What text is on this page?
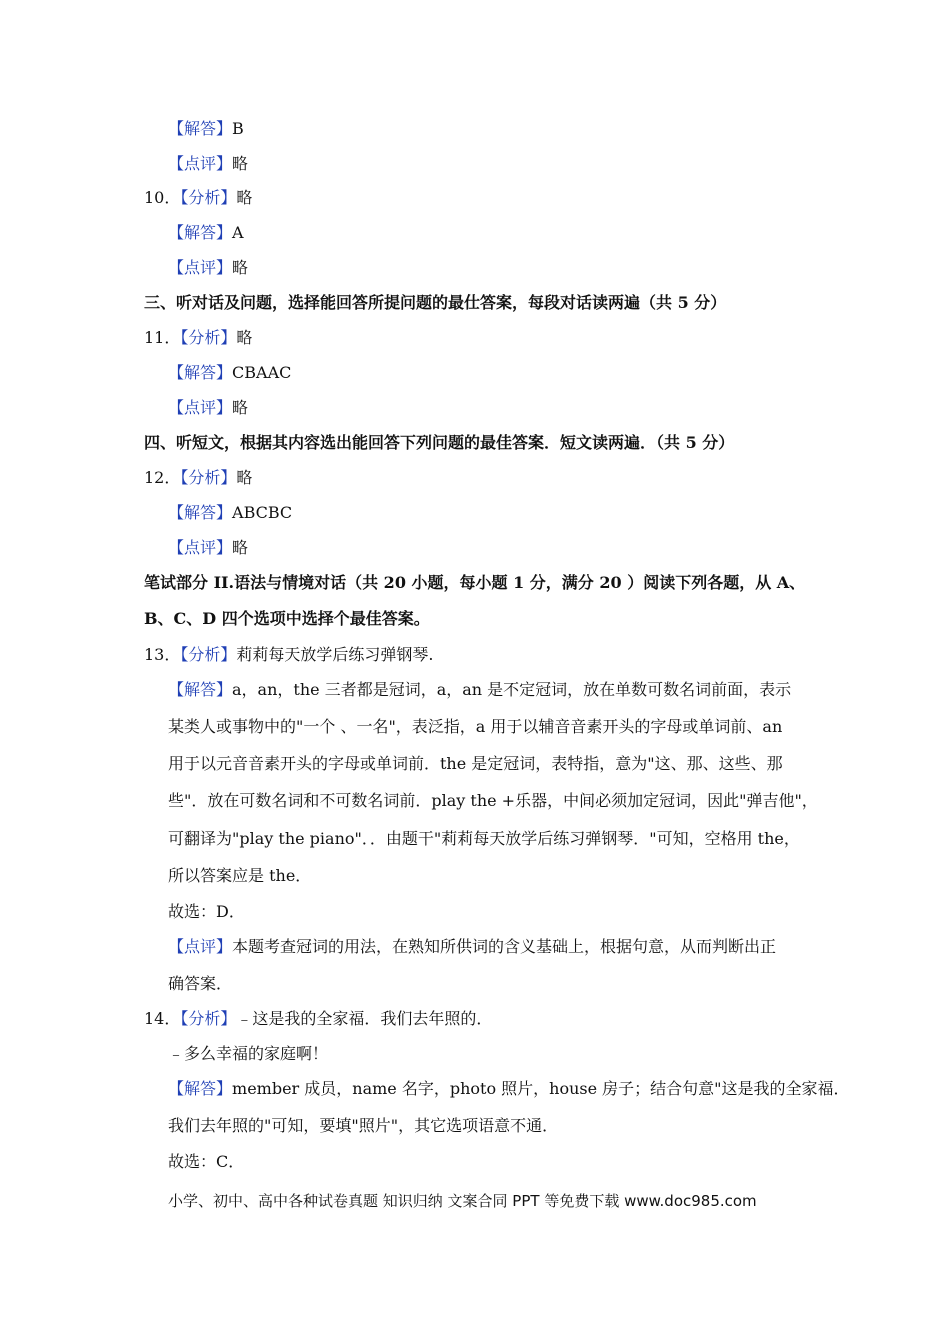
【解答】B
【点评】略
10．【分析】略
【解答】A
【点评】略
三、听对话及问题，选择能回答所提问题的最仕答案，每段对话读两遍（共 5 分）
11．【分析】略
【解答】CBAAC
【点评】略
四、听短文，根据其内容选出能回答下列问题的最佳答案．短文读两遍．（共 5 分）
12．【分析】略
【解答】ABCBC
【点评】略
笔试部分 II.语法与情境对话（共 20 小题，每小题 1 分，满分 20 ）阅读下列各题，从 A、
B、C、D 四个选项中选择个最佳答案。
13．【分析】莉莉每天放学后练习弹钢琴.
【解答】a，an，the 三者都是冠词，a，an 是不定冠词，放在单数可数名词前面，表示
某类人或事物中的"一个 、一名"，表泛指，a 用于以辅音音素开头的字母或单词前、an
用于以元音音素开头的字母或单词前．the 是定冠词，表特指，意为"这、那、这些、那
些"．放在可数名词和不可数名词前．play the +乐器，中间必须加定冠词，因此"弹吉他"，
可翻译为"play the piano"．．由题干"莉莉每天放学后练习弹钢琴．"可知，空格用 the，
所以答案应是 the．
故选：D．
【点评】本题考查冠词的用法，在熟知所供词的含义基础上，根据句意，从而判断出正
确答案．
14．【分析】﹣这是我的全家福．我们去年照的．
﹣多么幸福的家庭啊！
【解答】member 成员，name 名字，photo 照片，house 房子；结合句意"这是我的全家福．
我们去年照的"可知，要填"照片"，其它选项语意不通．
故选：C．
小学、初中、高中各种试卷真题 知识归纳 文案合同 PPT 等免费下载 www.doc985.com
